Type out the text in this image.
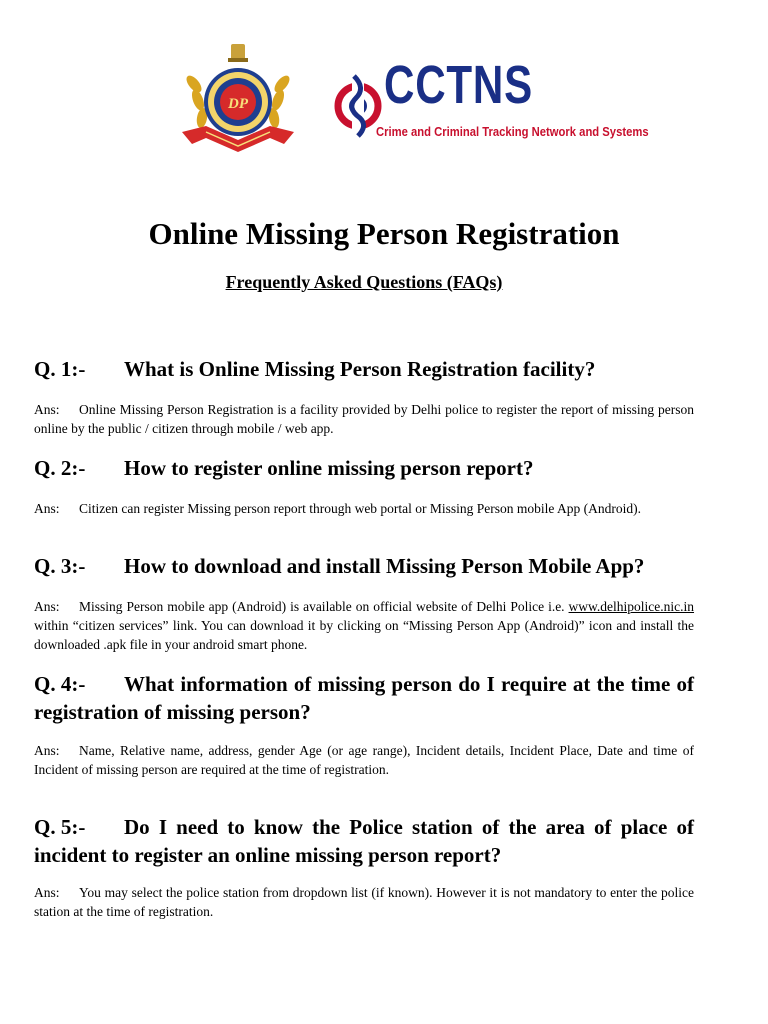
DP	CCTNS
Crime and Criminal Tracking Network and Systems
Online Missing Person Registration
Frequently Asked Questions (FAQs)
Q. 1:- What is Online Missing Person Registration facility?
Ans: Online Missing Person Registration is a facility provided by Delhi police to register the report of missing person online by the public / citizen through mobile / web app.
Q. 2:- How to register online missing person report?
Ans: Citizen can register Missing person report through web portal or Missing Person mobile App (Android).
Q. 3:- How to download and install Missing Person Mobile App?
Ans: Missing Person mobile app (Android) is available on official website of Delhi Police i.e. www.delhipolice.nic.in within “citizen services” link. You can download it by clicking on “Missing Person App (Android)” icon and install the downloaded .apk file in your android smart phone.
Q. 4:- What information of missing person do I require at the time of registration of missing person?
Ans: Name, Relative name, address, gender Age (or age range), Incident details, Incident Place, Date and time of Incident of missing person are required at the time of registration.
Q. 5:- Do I need to know the Police station of the area of place of incident to register an online missing person report?
Ans: You may select the police station from dropdown list (if known). However it is not mandatory to enter the police station at the time of registration.
